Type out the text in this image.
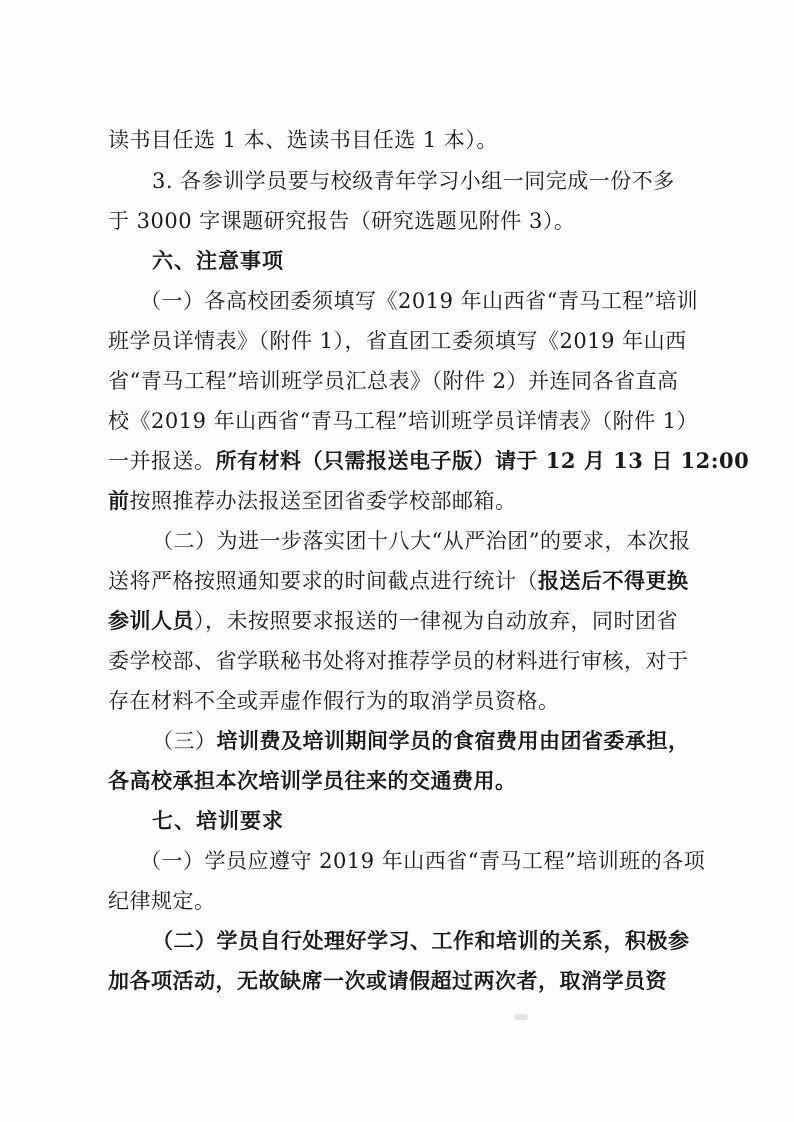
读书目任选 1 本、选读书目任选 1 本）。
3. 各参训学员要与校级青年学习小组一同完成一份不多
于 3000 字课题研究报告（研究选题见附件 3）。
六、注意事项
（一）各高校团委须填写《2019 年山西省“青马工程”培训
班学员详情表》（附件 1），省直团工委须填写《2019 年山西
省“青马工程”培训班学员汇总表》（附件 2）并连同各省直高
校《2019 年山西省“青马工程”培训班学员详情表》（附件 1）
一并报送。所有材料（只需报送电子版）请于 12 月 13 日 12:00
前按照推荐办法报送至团省委学校部邮箱。
（二）为进一步落实团十八大“从严治团”的要求，本次报
送将严格按照通知要求的时间截点进行统计（报送后不得更换
参训人员），未按照要求报送的一律视为自动放弃，同时团省
委学校部、省学联秘书处将对推荐学员的材料进行审核，对于
存在材料不全或弄虚作假行为的取消学员资格。
（三）培训费及培训期间学员的食宿费用由团省委承担，
各高校承担本次培训学员往来的交通费用。
七、培训要求
（一）学员应遵守 2019 年山西省“青马工程”培训班的各项
纪律规定。
（二）学员自行处理好学习、工作和培训的关系，积极参
加各项活动，无故缺席一次或请假超过两次者，取消学员资
